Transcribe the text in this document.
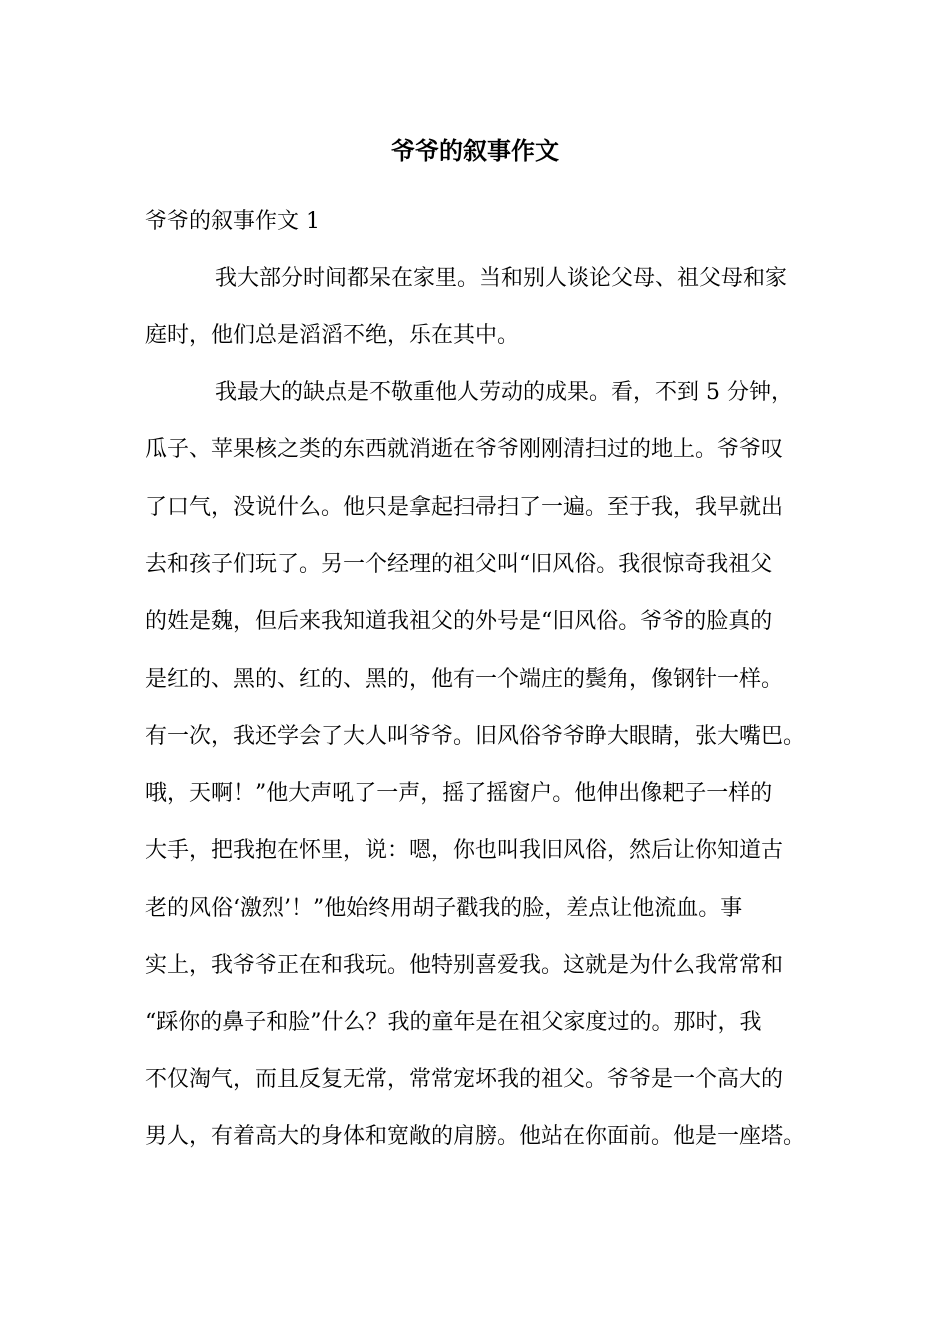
爷爷的叙事作文
爷爷的叙事作文 1
我大部分时间都呆在家里。当和别人谈论父母、祖父母和家
庭时，他们总是滔滔不绝，乐在其中。
我最大的缺点是不敬重他人劳动的成果。看，不到 5 分钟，
瓜子、苹果核之类的东西就消逝在爷爷刚刚清扫过的地上。爷爷叹
了口气，没说什么。他只是拿起扫帚扫了一遍。至于我，我早就出
去和孩子们玩了。另一个经理的祖父叫“旧风俗。我很惊奇我祖父
的姓是魏，但后来我知道我祖父的外号是“旧风俗。爷爷的脸真的
是红的、黑的、红的、黑的，他有一个端庄的鬓角，像钢针一样。
有一次，我还学会了大人叫爷爷。旧风俗爷爷睁大眼睛，张大嘴巴。
哦，天啊！”他大声吼了一声，摇了摇窗户。他伸出像耙子一样的
大手，把我抱在怀里，说：嗯，你也叫我旧风俗，然后让你知道古
老的风俗‘激烈’！”他始终用胡子戳我的脸，差点让他流血。事
实上，我爷爷正在和我玩。他特别喜爱我。这就是为什么我常常和
“踩你的鼻子和脸”什么？我的童年是在祖父家度过的。那时，我
不仅淘气，而且反复无常，常常宠坏我的祖父。爷爷是一个高大的
男人，有着高大的身体和宽敞的肩膀。他站在你面前。他是一座塔。
